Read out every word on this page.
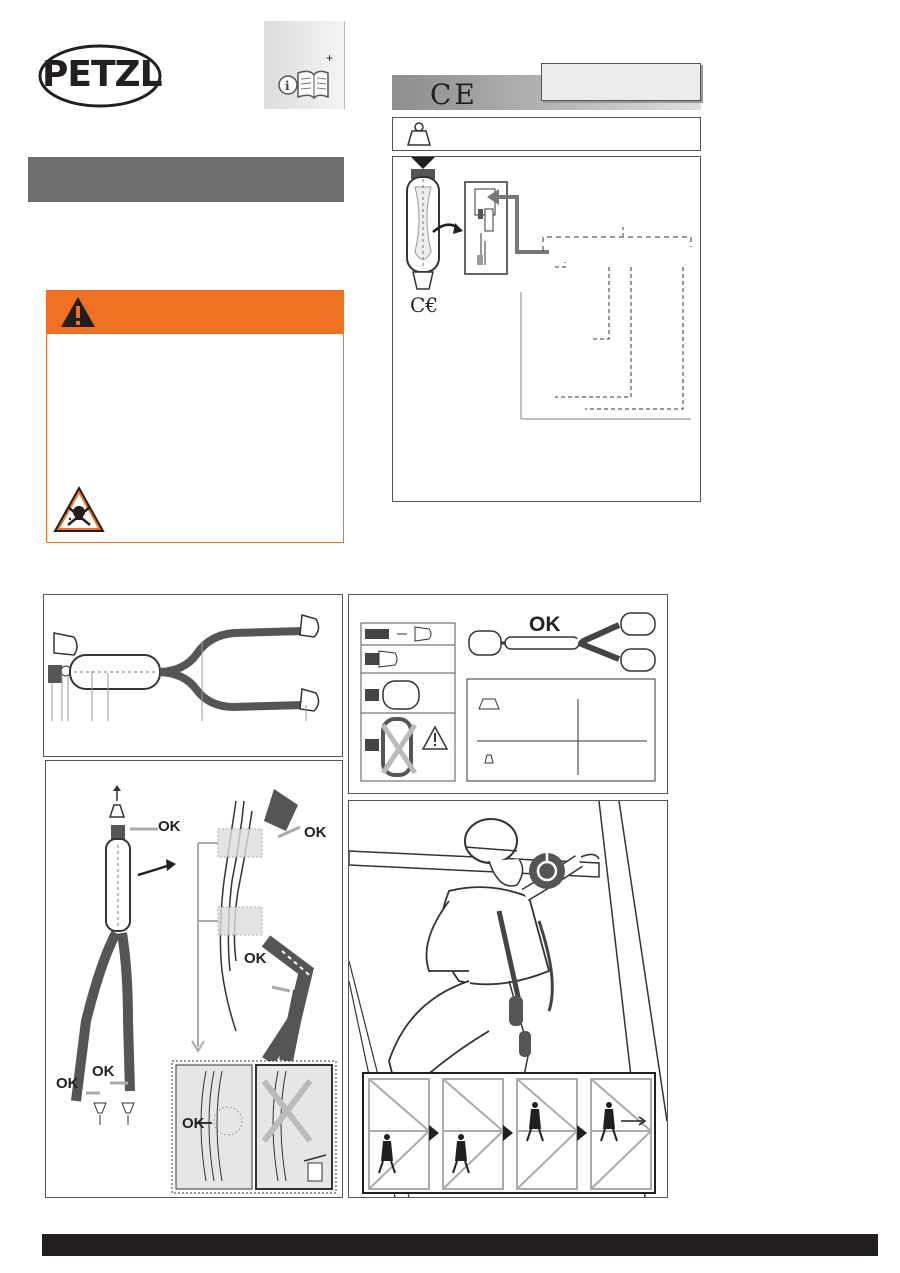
PETZL	+
i	CE
C€
OK
OK	OK
OK
OK
OK
OK
